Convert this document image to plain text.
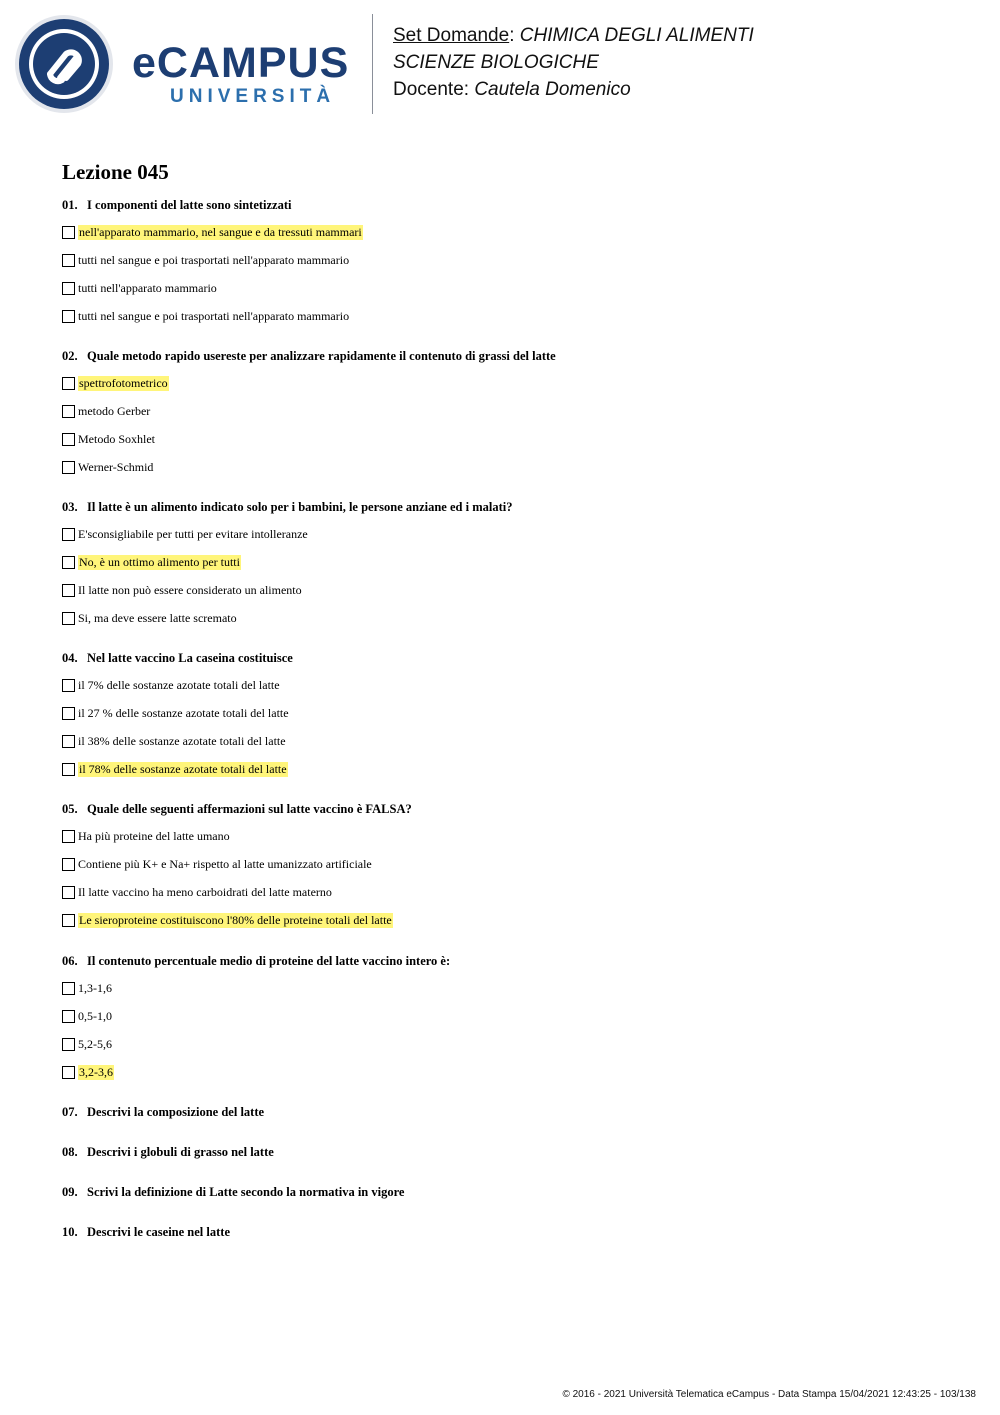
eCAMPUS
UNIVERSITÀ
Set Domande: CHIMICA DEGLI ALIMENTI
SCIENZE BIOLOGICHE
Docente: Cautela Domenico
Lezione 045
01. I componenti del latte sono sintetizzati
nell'apparato mammario, nel sangue e da tressuti mammari
tutti nel sangue e poi trasportati nell'apparato mammario
tutti nell'apparato mammario
tutti nel sangue e poi trasportati nell'apparato mammario
02. Quale metodo rapido usereste per analizzare rapidamente il contenuto di grassi del latte
spettrofotometrico
metodo Gerber
Metodo Soxhlet
Werner-Schmid
03. Il latte è un alimento indicato solo per i bambini, le persone anziane ed i malati?
E'sconsigliabile per tutti per evitare intolleranze
No, è un ottimo alimento per tutti
Il latte non può essere considerato un alimento
Si, ma deve essere latte scremato
04. Nel latte vaccino La caseina costituisce
il 7% delle sostanze azotate totali del latte
il 27 % delle sostanze azotate totali del latte
il 38% delle sostanze azotate totali del latte
il 78% delle sostanze azotate totali del latte
05. Quale delle seguenti affermazioni sul latte vaccino è FALSA?
Ha più proteine del latte umano
Contiene più K+ e Na+ rispetto al latte umanizzato artificiale
Il latte vaccino ha meno carboidrati del latte materno
Le sieroproteine costituiscono l'80% delle proteine totali del latte
06. Il contenuto percentuale medio di proteine del latte vaccino intero è:
1,3-1,6
0,5-1,0
5,2-5,6
3,2-3,6
07. Descrivi la composizione del latte
08. Descrivi i globuli di grasso nel latte
09. Scrivi la definizione di Latte secondo la normativa in vigore
10. Descrivi le caseine nel latte
© 2016 - 2021 Università Telematica eCampus - Data Stampa 15/04/2021 12:43:25 - 103/138
